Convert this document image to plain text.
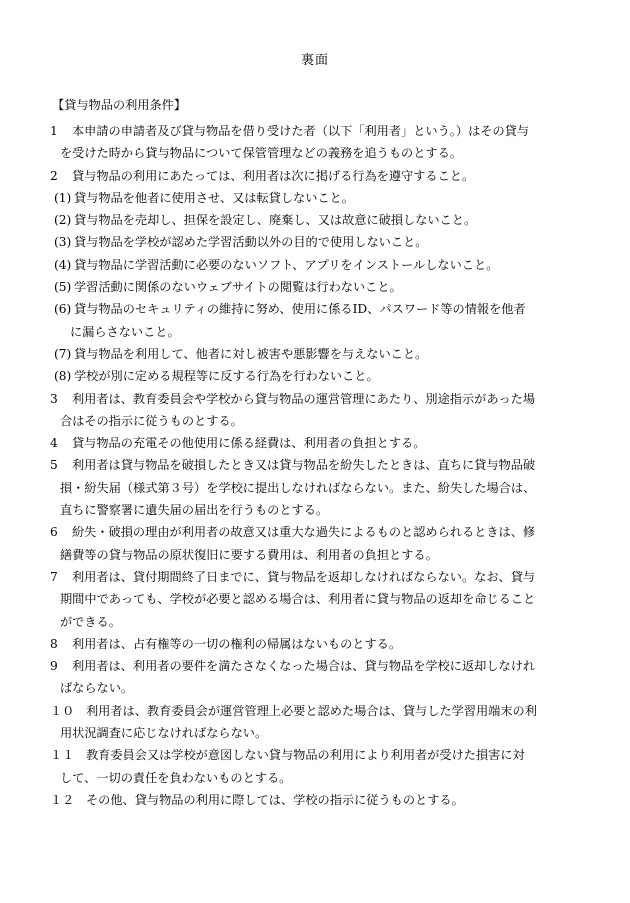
裏面
【貸与物品の利用条件】
1	本申請の申請者及び貸与物品を借り受けた者（以下「利用者」という。）はその貸与
を受けた時から貸与物品について保管管理などの義務を追うものとする。
2	貸与物品の利用にあたっては、利用者は次に掲げる行為を遵守すること。
(1) 貸与物品を他者に使用させ、又は転貸しないこと。
(2) 貸与物品を売却し、担保を設定し、廃棄し、又は故意に破損しないこと。
(3) 貸与物品を学校が認めた学習活動以外の目的で使用しないこと。
(4) 貸与物品に学習活動に必要のないソフト、アプリをインストールしないこと。
(5) 学習活動に関係のないウェブサイトの閲覧は行わないこと。
(6) 貸与物品のセキュリティの維持に努め、使用に係るID、パスワード等の情報を他者
に漏らさないこと。
(7) 貸与物品を利用して、他者に対し被害や悪影響を与えないこと。
(8) 学校が別に定める規程等に反する行為を行わないこと。
3	利用者は、教育委員会や学校から貸与物品の運営管理にあたり、別途指示があった場
合はその指示に従うものとする。
4	貸与物品の充電その他使用に係る経費は、利用者の負担とする。
5	利用者は貸与物品を破損したとき又は貸与物品を紛失したときは、直ちに貸与物品破
損・紛失届（様式第３号）を学校に提出しなければならない。また、紛失した場合は、
直ちに警察署に遺失届の届出を行うものとする。
6	紛失・破損の理由が利用者の故意又は重大な過失によるものと認められるときは、修
繕費等の貸与物品の原状復旧に要する費用は、利用者の負担とする。
7	利用者は、貸付期間終了日までに、貸与物品を返却しなければならない。なお、貸与
期間中であっても、学校が必要と認める場合は、利用者に貸与物品の返却を命じること
ができる。
8	利用者は、占有権等の一切の権利の帰属はないものとする。
9	利用者は、利用者の要件を満たさなくなった場合は、貸与物品を学校に返却しなけれ
ばならない。
１０ 利用者は、教育委員会が運営管理上必要と認めた場合は、貸与した学習用端末の利
用状況調査に応じなければならない。
１１ 教育委員会又は学校が意図しない貸与物品の利用により利用者が受けた損害に対
して、一切の責任を負わないものとする。
１２ その他、貸与物品の利用に際しては、学校の指示に従うものとする。
